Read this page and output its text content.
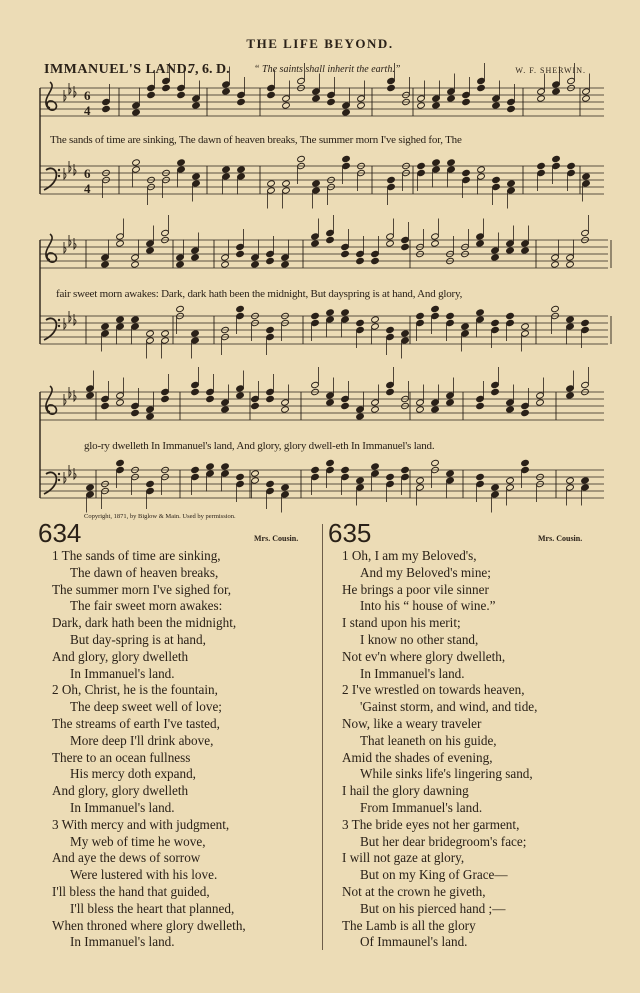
THE LIFE BEYOND.
IMMANUEL'S LAND.
7, 6. D. “ The saints shall inherit the earth.”	W. F. SHERWIN.
6
4
6
4
The sands of time are sinking, The dawn of heaven breaks, The summer morn I've sighed for, The
fair sweet morn awakes: Dark, dark hath been the midnight, But dayspring is at hand, And glory,
glo-ry dwelleth In Immanuel's land, And glory, glory dwell-eth In Immanuel's land.
Copyright, 1871, by Biglow & Main. Used by permission.
634	Mrs. Cousin.
1 The sands of time are sinking,
The dawn of heaven breaks,
The summer morn I've sighed for,
The fair sweet morn awakes:
Dark, dark hath been the midnight,
But day-spring is at hand,
And glory, glory dwelleth
In Immanuel's land.
2 Oh, Christ, he is the fountain,
The deep sweet well of love;
The streams of earth I've tasted,
More deep I'll drink above,
There to an ocean fullness
His mercy doth expand,
And glory, glory dwelleth
In Immanuel's land.
3 With mercy and with judgment,
My web of time he wove,
And aye the dews of sorrow
Were lustered with his love.
I'll bless the hand that guided,
I'll bless the heart that planned,
When throned where glory dwelleth,
In Immanuel's land.
635	Mrs. Cousin.
1 Oh, I am my Beloved's,
And my Beloved's mine;
He brings a poor vile sinner
Into his “ house of wine.”
I stand upon his merit;
I know no other stand,
Not ev'n where glory dwelleth,
In Immanuel's land.
2 I've wrestled on towards heaven,
'Gainst storm, and wind, and tide,
Now, like a weary traveler
That leaneth on his guide,
Amid the shades of evening,
While sinks life's lingering sand,
I hail the glory dawning
From Immanuel's land.
3 The bride eyes not her garment,
But her dear bridegroom's face;
I will not gaze at glory,
But on my King of Grace—
Not at the crown he giveth,
But on his pierced hand ;—
The Lamb is all the glory
Of Immaunel's land.
